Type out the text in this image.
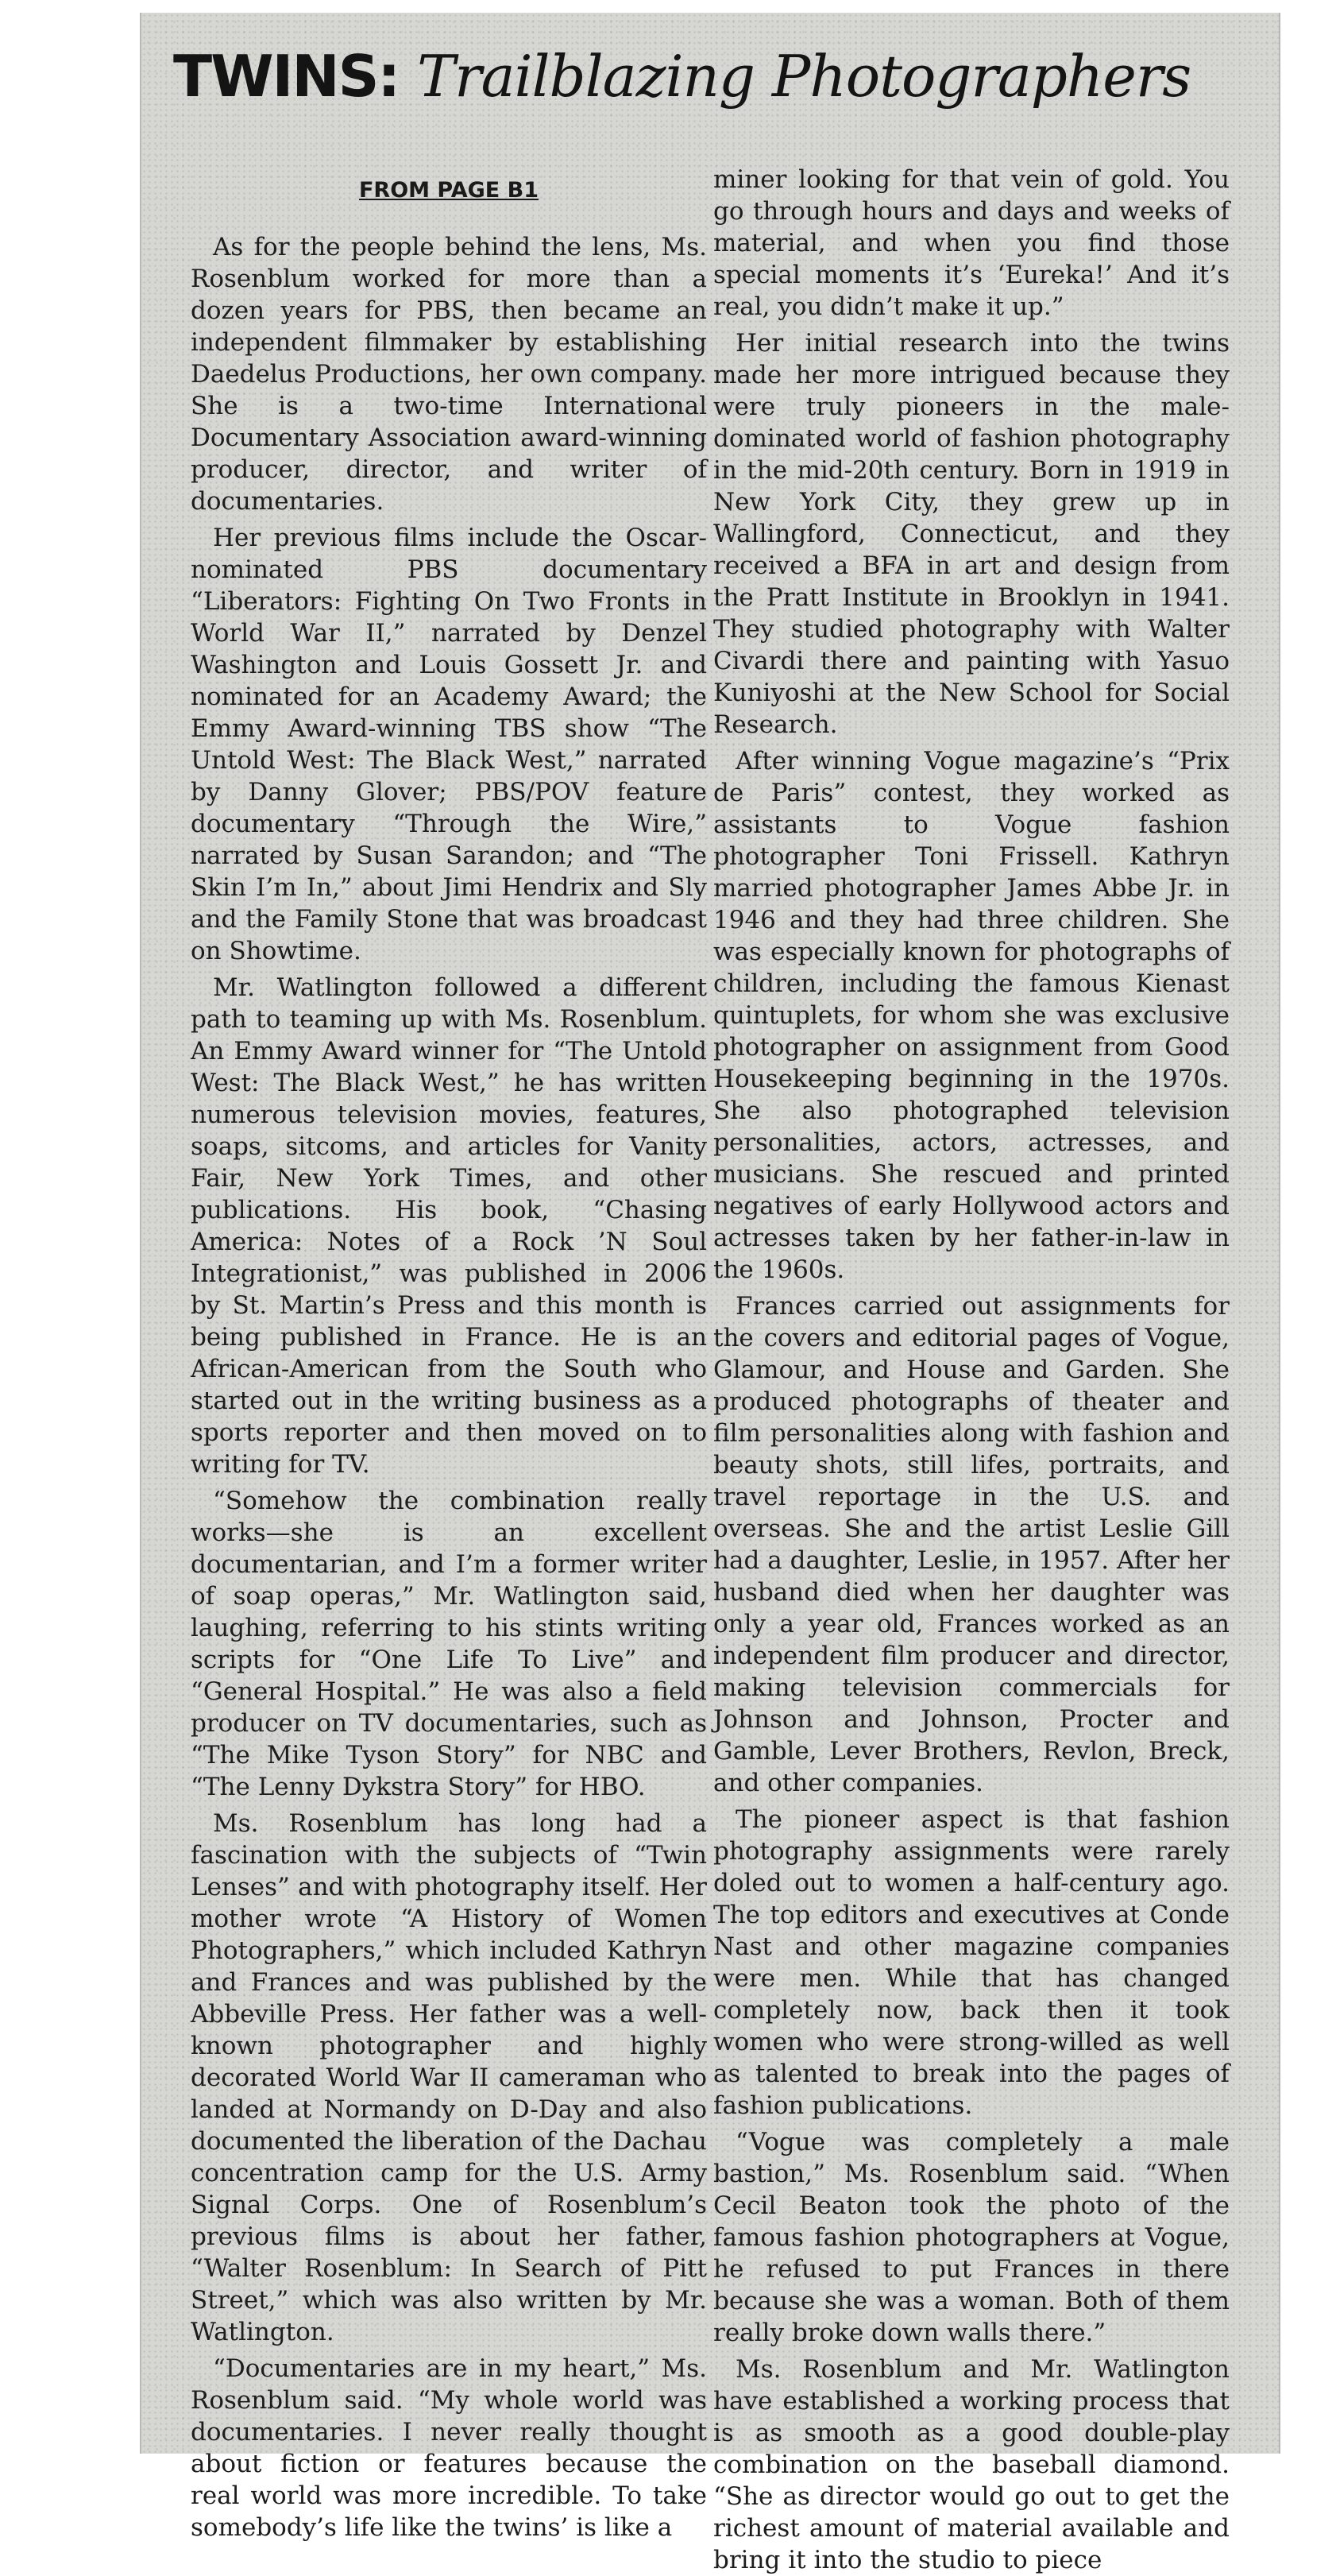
TWINS: Trailblazing Photographers
FROM PAGE B1

As for the people behind the lens, Ms. Rosenblum worked for more than a dozen years for PBS, then became an independent filmmaker by establishing Daedelus Productions, her own company. She is a two-time International Documentary Association award-winning producer, director, and writer of documentaries.

Her previous films include the Oscar-nominated PBS documentary “Liberators: Fighting On Two Fronts in World War II,” narrated by Denzel Washington and Louis Gossett Jr. and nominated for an Academy Award; the Emmy Award-winning TBS show “The Untold West: The Black West,” narrated by Danny Glover; PBS/POV feature documentary “Through the Wire,” narrated by Susan Sarandon; and “The Skin I’m In,” about Jimi Hendrix and Sly and the Family Stone that was broadcast on Showtime.

Mr. Watlington followed a different path to teaming up with Ms. Rosenblum. An Emmy Award winner for “The Untold West: The Black West,” he has written numerous television movies, features, soaps, sitcoms, and articles for Vanity Fair, New York Times, and other publications. His book, “Chasing America: Notes of a Rock ’N Soul Integrationist,” was published in 2006 by St. Martin’s Press and this month is being published in France. He is an African-American from the South who started out in the writing business as a sports reporter and then moved on to writing for TV.

“Somehow the combination really works—she is an excellent documentarian, and I’m a former writer of soap operas,” Mr. Watlington said, laughing, referring to his stints writing scripts for “One Life To Live” and “General Hospital.” He was also a field producer on TV documentaries, such as “The Mike Tyson Story” for NBC and “The Lenny Dykstra Story” for HBO.

Ms. Rosenblum has long had a fascination with the subjects of “Twin Lenses” and with photography itself. Her mother wrote “A History of Women Photographers,” which included Kathryn and Frances and was published by the Abbeville Press. Her father was a well-known photographer and highly decorated World War II cameraman who landed at Normandy on D-Day and also documented the liberation of the Dachau concentration camp for the U.S. Army Signal Corps. One of Rosenblum’s previous films is about her father, “Walter Rosenblum: In Search of Pitt Street,” which was also written by Mr. Watlington.

“Documentaries are in my heart,” Ms. Rosenblum said. “My whole world was documentaries. I never really thought about fiction or features because the real world was more incredible. To take somebody’s life like the twins’ is like a

miner looking for that vein of gold. You go through hours and days and weeks of material, and when you find those special moments it’s ‘Eureka!’ And it’s real, you didn’t make it up.”

Her initial research into the twins made her more intrigued because they were truly pioneers in the male-dominated world of fashion photography in the mid-20th century. Born in 1919 in New York City, they grew up in Wallingford, Connecticut, and they received a BFA in art and design from the Pratt Institute in Brooklyn in 1941. They studied photography with Walter Civardi there and painting with Yasuo Kuniyoshi at the New School for Social Research.

After winning Vogue magazine’s “Prix de Paris” contest, they worked as assistants to Vogue fashion photographer Toni Frissell. Kathryn married photographer James Abbe Jr. in 1946 and they had three children. She was especially known for photographs of children, including the famous Kienast quintuplets, for whom she was exclusive photographer on assignment from Good Housekeeping beginning in the 1970s. She also photographed television personalities, actors, actresses, and musicians. She rescued and printed negatives of early Hollywood actors and actresses taken by her father-in-law in the 1960s.

Frances carried out assignments for the covers and editorial pages of Vogue, Glamour, and House and Garden. She produced photographs of theater and film personalities along with fashion and beauty shots, still lifes, portraits, and travel reportage in the U.S. and overseas. She and the artist Leslie Gill had a daughter, Leslie, in 1957. After her husband died when her daughter was only a year old, Frances worked as an independent film producer and director, making television commercials for Johnson and Johnson, Procter and Gamble, Lever Brothers, Revlon, Breck, and other companies.

The pioneer aspect is that fashion photography assignments were rarely doled out to women a half-century ago. The top editors and executives at Conde Nast and other magazine companies were men. While that has changed completely now, back then it took women who were strong-willed as well as talented to break into the pages of fashion publications.

“Vogue was completely a male bastion,” Ms. Rosenblum said. “When Cecil Beaton took the photo of the famous fashion photographers at Vogue, he refused to put Frances in there because she was a woman. Both of them really broke down walls there.”

Ms. Rosenblum and Mr. Watlington have established a working process that is as smooth as a good double-play combination on the baseball diamond. “She as director would go out to get the richest amount of material available and bring it into the studio to piece
